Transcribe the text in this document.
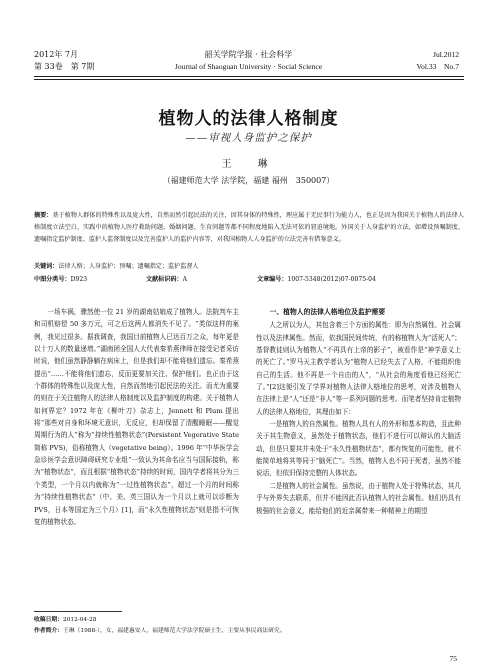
2012年 7月
第 33卷　第 7期
韶关学院学报 · 社会科学
Journal of Shaoguan University · Social Science
Jul.2012
Vol.33　No.7
植物人的法律人格制度
——审视人身监护之保护
王　琳
（福建师范大学 法学院，福建 福州　350007）
摘要：基于植物人群体的特殊性以及庞大性，自然而然引起民法的关注，因其身体的特殊性，理应属于无民事行为能力人，也正是因为我国关于植物人的法律人格制度立法空白，实践中的植物人医疗救助问题、婚姻问题、生育问题等都不同程度地陷入无法可依的窘迫境地。外国关于人身监护的立法，如增设预嘱制度、遗嘱指定监护制度、监护人监督制度以及完善监护人的监护内容等，对我国植物人人身监护的立法完善有借鉴意义。
关键词：法律人格；人身监护；预嘱；遗嘱指定；监护监督人
中图分类号：D923	文献标识码：A	文章编号：1007-5348(2012)07-0075-04

一场车祸，骤然使一位 21 岁的湖南姑娘成了植物人。法院判车主和司机赔偿 50 多万元，可之后这两人都消失不见了。“类似这样的案例，我见过很多。据我调查，我国目前植物人已达百万之众，每年更是以十万人的数量递增。”湖南团全国人大代表秦希燕律师在接受记者采访时说，他们虽然静静躺在病床上，但是我们却不能将他们遗忘。秦希燕提出“……不能将他们遗忘，反而更要加关注、保护他们。也正由于这个群体的特殊性以及庞大性，自然而然地引起民法的关注。而尤为重要的则在于关注植物人的法律人格制度以及监护制度的构建。关于植物人如何界定？1972 年在《柳叶刀》杂志上，Jennett 和 Plum 提出将“那些对自身和环境无意识，无反应，但却保留了清醒睡眠——醒觉周期行为的人”称为“持续性植物状态”(Persistent Vegerative State 简称 PVS)，俗称植物人（vegetative being）。1996 年“中华医学会急诊医学会意识障碍研究专业组”一致认为其命名应当与国际接轨，称为“植物状态”，而且根据“植物状态”持续的时间，国内学者将其分为三个类型，一个月以内就称为“一过性植物状态”，超过一个月的时间称为“持续性植物状态”（中、美、英三国认为一个月以上就可以诊断为 PVS，日本等国定为三个月）[1]，而“永久性植物状态”则是指不可恢复的植物状态。

一、植物人的法律人格地位及监护需要

人之所以为人，其包含着三个方面的属性：即为自然属性、社会属性以及法律属性。然而，依我国民间传统，有的称植物人为“活死人”；基督教徒则认为植物人“不再具有上帝的影子”，被看作是“神学意义上的死亡了。”罗马天主教学者认为“植物人已经失去了人格，不能组织他自己的生活。他不再是一个自由的人”，“从社会的角度看他已经死亡了。”[2]这便引发了学界对植物人法律人格地位的思考，对涉及植物人在法律上是“人”还是“非人”等一系列问题的思考。而笔者坚持肯定植物人的法律人格地位，其理由如下：

一是植物人的自然属性。植物人具有人的外形和基本构造，且此种关于其生物意义，虽然处于植物状态，他们不进行可以辩认的大脑活动，但是只要其并未处于“永久性植物状态”，都有恢复的可能性，就不能简单地将其等同于“脑死亡”。当然，植物人也不同于死者，虽然不能说话，但依旧保持完整的人体状态。

二是植物人的社会属性。虽然说，由于植物人处于特殊状态，其几乎与外界失去联系，但并不能因此否认植物人的社会属性。他们仍具有极强的社会意义，能给他们的近亲属带来一种精神上的期望

收稿日期：2012-04-28
作者简介：王琳（1988-），女，福建惠安人，福建师范大学法学院硕士生，主要从事民商法研究。
75
